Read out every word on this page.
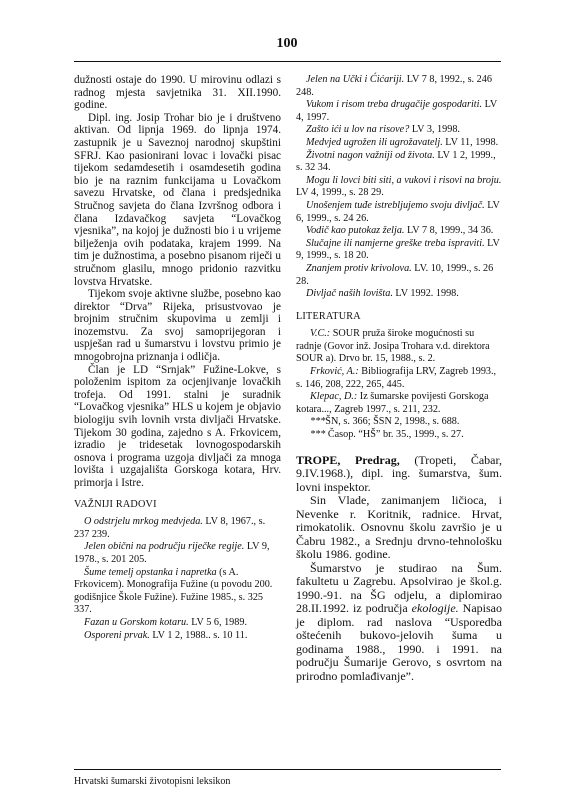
100

dužnosti ostaje do 1990. U mirovinu odlazi s radnog mjesta savjetnika 31. XII.1990. godine.

Dipl. ing. Josip Trohar bio je i društveno aktivan. Od lipnja 1969. do lipnja 1974. zastupnik je u Saveznoj narodnoj skupštini SFRJ. Kao pasionirani lovac i lovački pisac tijekom sedamdesetih i osamdesetih godina bio je na raznim funkcijama u Lovačkom savezu Hrvatske, od člana i predsjednika Stručnog savjeta do člana Izvršnog odbora i člana Izdavačkog savjeta “Lovačkog vjesnika”, na kojoj je dužnosti bio i u vrijeme bilježenja ovih podataka, krajem 1999. Na tim je dužnostima, a posebno pisanom riječi u stručnom glasilu, mnogo pridonio razvitku lovstva Hrvatske.

Tijekom svoje aktivne službe, posebno kao direktor “Drva” Rijeka, prisustvovao je brojnim stručnim skupovima u zemlji i inozemstvu. Za svoj samoprijegoran i uspješan rad u šumarstvu i lovstvu primio je mnogobrojna priznanja i odličja.

Član je LD “Srnjak” Fužine-Lokve, s položenim ispitom za ocjenjivanje lovačkih trofeja. Od 1991. stalni je suradnik “Lovačkog vjesnika” HLS u kojem je objavio biologiju svih lovnih vrsta divljači Hrvatske. Tijekom 30 godina, zajedno s A. Frkovicem, izradio je tridesetak lovnogospodarskih osnova i programa uzgoja divljači za mnoga lovišta i uzgajališta Gorskoga kotara, Hrv. primorja i Istre.

VAŽNIJI RADOVI

O odstrjelu mrkog medvjeda. LV 8, 1967., s. 237 239.

Jelen obični na području riječke regije. LV 9, 1978., s. 201 205.

Šume temelj opstanka i napretka (s A. Frkovicem). Monografija Fužine (u povodu 200. godišnjice Škole Fužine). Fužine 1985., s. 325 337.

Fazan u Gorskom kotaru. LV 5 6, 1989.

Osporeni prvak. LV 1 2, 1988.. s. 10 11.

Jelen na Učki i Ćićariji. LV 7 8, 1992., s. 246 248.

Vukom i risom treba drugačije gospodariti. LV 4, 1997.

Zašto ići u lov na risove? LV 3, 1998.

Medvjed ugrožen ili ugrožavatelj. LV 11, 1998.

Životni nagon važniji od života. LV 1 2, 1999., s. 32 34.

Mogu li lovci biti siti, a vukovi i risovi na broju. LV 4, 1999., s. 28 29.

Unošenjem tuđe istrebljujemo svoju divljač. LV 6, 1999., s. 24 26.

Vodič kao putokaz želja. LV 7 8, 1999., 34 36.

Slučajne ili namjerne greške treba ispraviti. LV 9, 1999., s. 18 20.

Znanjem protiv krivolova. LV. 10, 1999., s. 26 28.

Divljač naših lovišta. LV 1992. 1998.

LITERATURA

V.C.: SOUR pruža široke mogućnosti su radnje (Govor inž. Josipa Trohara v.d. direktora SOUR a). Drvo br. 15, 1988., s. 2.

Frković, A.: Bibliografija LRV, Zagreb 1993., s. 146, 208, 222, 265, 445.

Klepac, D.: Iz šumarske povijesti Gorskoga kotara..., Zagreb 1997., s. 211, 232.

***ŠN, s. 366; ŠSN 2, 1998., s. 688.

*** Časop. “HŠ” br. 35., 1999., s. 27.

TROPE, Predrag, (Tropeti, Čabar, 9.IV.1968.), dipl. ing. šumarstva, šum. lovni inspektor.

Sin Vlade, zanimanjem ličioca, i Nevenke r. Koritnik, radnice. Hrvat, rimokatolik. Osnovnu školu završio je u Čabru 1982., a Srednju drvno-tehnološku školu 1986. godine.

Šumarstvo je studirao na Šum. fakultetu u Zagrebu. Apsolvirao je škol.g. 1990.-91. na ŠG odjelu, a diplomirao 28.II.1992. iz područja ekologije. Napisao je diplom. rad naslova “Usporedba oštećenih bukovo-jelovih šuma u godinama 1988., 1990. i 1991. na području Šumarije Gerovo, s osvrtom na prirodno pomlađivanje”.

Hrvatski šumarski životopisni leksikon
